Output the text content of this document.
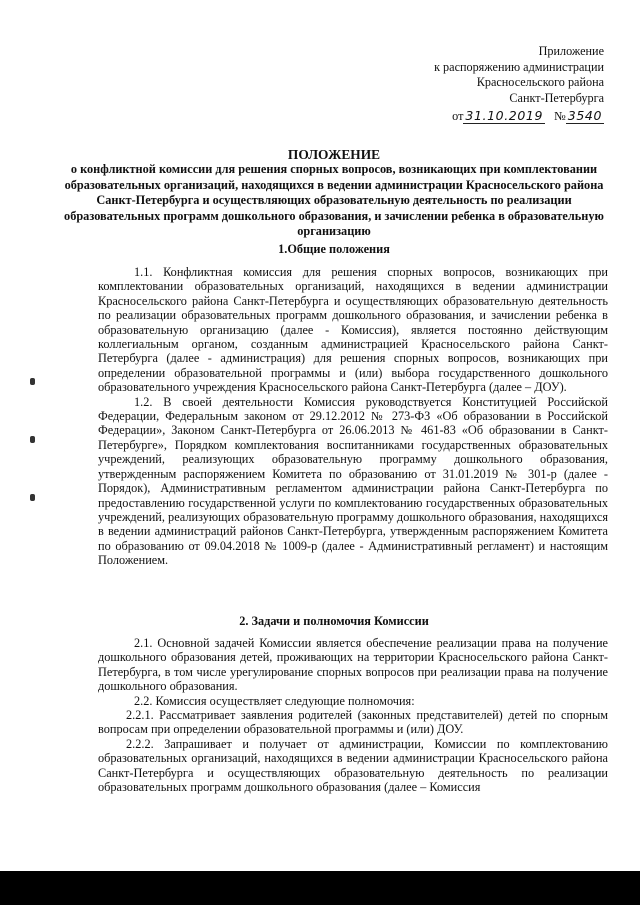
Приложение
к распоряжению администрации
Красносельского района
Санкт-Петербурга
от 31.10.2019 № 3540
ПОЛОЖЕНИЕ
о конфликтной комиссии для решения спорных вопросов, возникающих при комплектовании образовательных организаций, находящихся в ведении администрации Красносельского района Санкт-Петербурга и осуществляющих образовательную деятельность по реализации образовательных программ дошкольного образования, и зачислении ребенка в образовательную организацию
1.Общие положения

1.1. Конфликтная комиссия для решения спорных вопросов, возникающих при комплектовании образовательных организаций, находящихся в ведении администрации Красносельского района Санкт-Петербурга и осуществляющих образовательную деятельность по реализации образовательных программ дошкольного образования, и зачислении ребенка в образовательную организацию (далее - Комиссия), является постоянно действующим коллегиальным органом, созданным администрацией Красносельского района Санкт-Петербурга (далее - администрация) для решения спорных вопросов, возникающих при определении образовательной программы и (или) выбора государственного дошкольного образовательного учреждения Красносельского района Санкт-Петербурга (далее – ДОУ).

1.2. В своей деятельности Комиссия руководствуется Конституцией Российской Федерации, Федеральным законом от 29.12.2012 № 273-ФЗ «Об образовании в Российской Федерации», Законом Санкт-Петербурга от 26.06.2013 № 461-83 «Об образовании в Санкт-Петербурге», Порядком комплектования воспитанниками государственных образовательных учреждений, реализующих образовательную программу дошкольного образования, утвержденным распоряжением Комитета по образованию от 31.01.2019 № 301-р (далее - Порядок), Административным регламентом администрации района Санкт-Петербурга по предоставлению государственной услуги по комплектованию государственных образовательных учреждений, реализующих образовательную программу дошкольного образования, находящихся в ведении администраций районов Санкт-Петербурга, утвержденным распоряжением Комитета по образованию от 09.04.2018 № 1009-р (далее - Административный регламент) и настоящим Положением.

2. Задачи и полномочия Комиссии

2.1. Основной задачей Комиссии является обеспечение реализации права на получение дошкольного образования детей, проживающих на территории Красносельского района Санкт-Петербурга, в том числе урегулирование спорных вопросов при реализации права на получение дошкольного образования.

2.2. Комиссия осуществляет следующие полномочия:

2.2.1. Рассматривает заявления родителей (законных представителей) детей по спорным вопросам при определении образовательной программы и (или) ДОУ.

2.2.2. Запрашивает и получает от администрации, Комиссии по комплектованию образовательных организаций, находящихся в ведении администрации Красносельского района Санкт-Петербурга и осуществляющих образовательную деятельность по реализации образовательных программ дошкольного образования (далее – Комиссия
